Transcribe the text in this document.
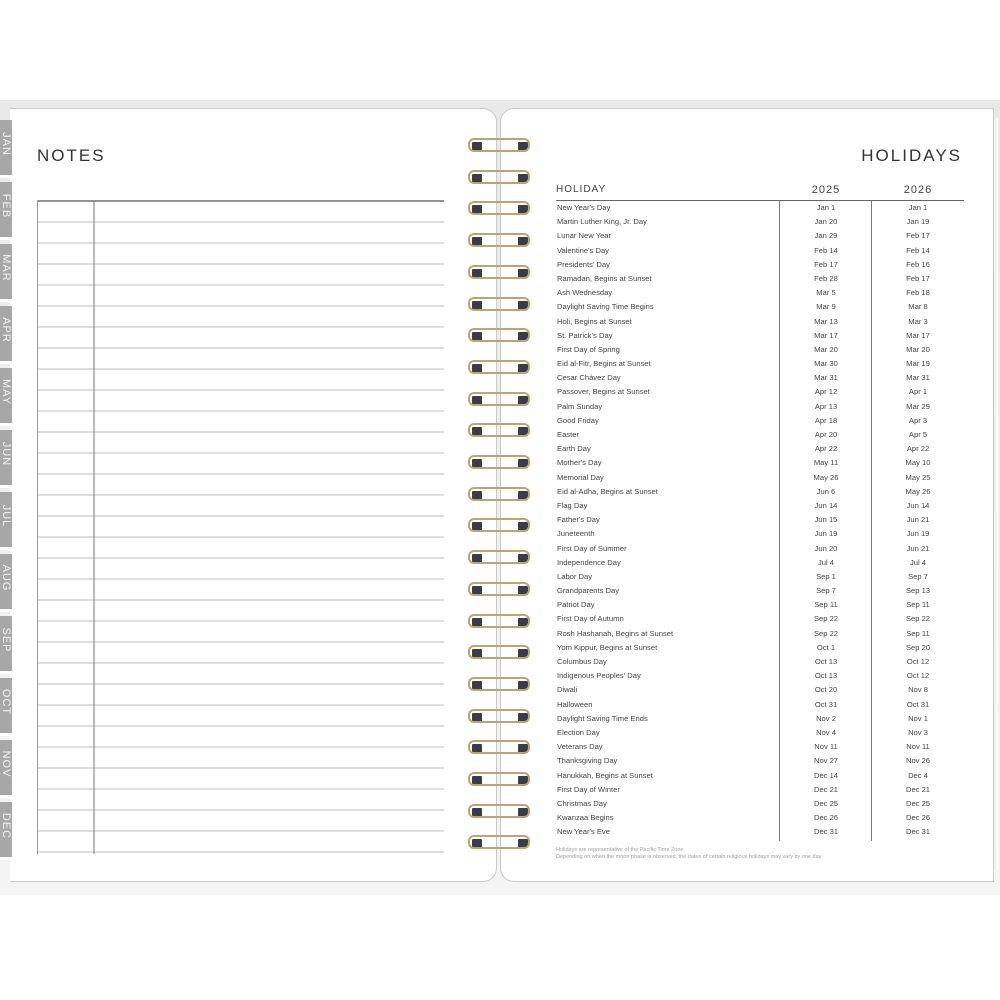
JAN
FEB
MAR
APR
MAY
JUN
JUL
AUG
SEP
OCT
NOV
DEC
NOTES	HOLIDAYS
HOLIDAY	2025	2026
New Year's Day	Jan 1	Jan 1
Martin Luther King, Jr. Day	Jan 20	Jan 19
Lunar New Year	Jan 29	Feb 17
Valentine's Day	Feb 14	Feb 14
Presidents' Day	Feb 17	Feb 16
Ramadan, Begins at Sunset	Feb 28	Feb 17
Ash Wednesday	Mar 5	Feb 18
Daylight Saving Time Begins	Mar 9	Mar 8
Holi, Begins at Sunset	Mar 13	Mar 3
St. Patrick's Day	Mar 17	Mar 17
First Day of Spring	Mar 20	Mar 20
Eid al-Fitr, Begins at Sunset	Mar 30	Mar 19
Cesar Chávez Day	Mar 31	Mar 31
Passover, Begins at Sunset	Apr 12	Apr 1
Palm Sunday	Apr 13	Mar 29
Good Friday	Apr 18	Apr 3
Easter	Apr 20	Apr 5
Earth Day	Apr 22	Apr 22
Mother's Day	May 11	May 10
Memorial Day	May 26	May 25
Eid al-Adha, Begins at Sunset	Jun 6	May 26
Flag Day	Jun 14	Jun 14
Father's Day	Jun 15	Jun 21
Juneteenth	Jun 19	Jun 19
First Day of Summer	Jun 20	Jun 21
Independence Day	Jul 4	Jul 4
Labor Day	Sep 1	Sep 7
Grandparents Day	Sep 7	Sep 13
Patriot Day	Sep 11	Sep 11
First Day of Autumn	Sep 22	Sep 22
Rosh Hashanah, Begins at Sunset	Sep 22	Sep 11
Yom Kippur, Begins at Sunset	Oct 1	Sep 20
Columbus Day	Oct 13	Oct 12
Indigenous Peoples' Day	Oct 13	Oct 12
Diwali	Oct 20	Nov 8
Halloween	Oct 31	Oct 31
Daylight Saving Time Ends	Nov 2	Nov 1
Election Day	Nov 4	Nov 3
Veterans Day	Nov 11	Nov 11
Thanksgiving Day	Nov 27	Nov 26
Hanukkah, Begins at Sunset	Dec 14	Dec 4
First Day of Winter	Dec 21	Dec 21
Christmas Day	Dec 25	Dec 25
Kwanzaa Begins	Dec 26	Dec 26
New Year's Eve	Dec 31	Dec 31
Holidays are representative of the Pacific Time Zone
Depending on when the moon phase is observed, the dates of certain religious holidays may vary by one day
